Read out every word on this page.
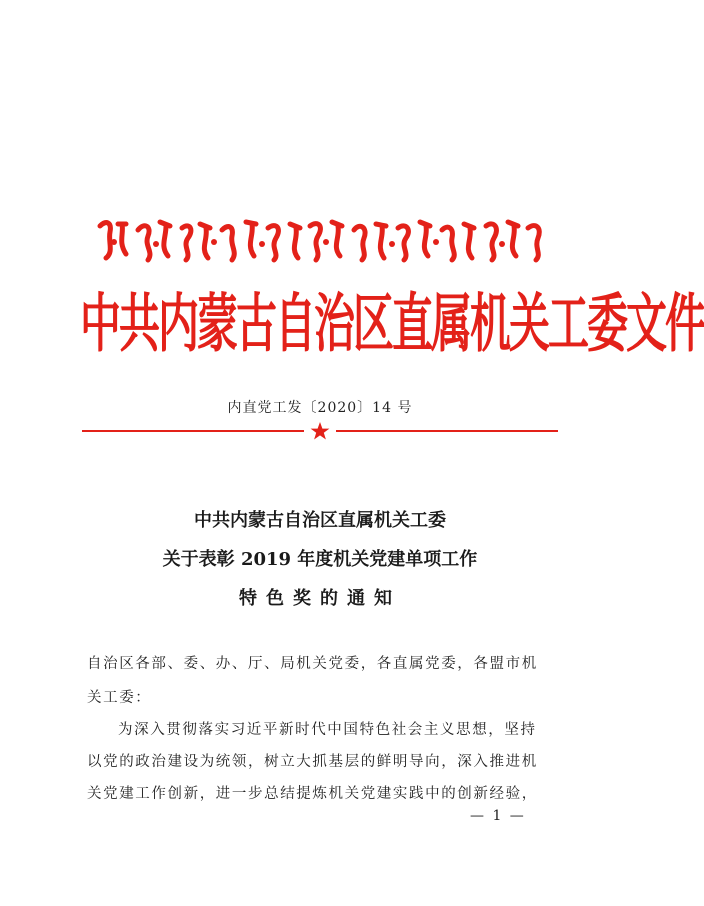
中共内蒙古自治区直属机关工委文件
内直党工发〔2020〕14 号
中共内蒙古自治区直属机关工委
关于表彰 2019 年度机关党建单项工作
特色奖的通知
自治区各部、委、办、厅、局机关党委，各直属党委，各盟市机
关工委：
为深入贯彻落实习近平新时代中国特色社会主义思想，坚持
以党的政治建设为统领，树立大抓基层的鲜明导向，深入推进机
关党建工作创新，进一步总结提炼机关党建实践中的创新经验，
— 1 —
